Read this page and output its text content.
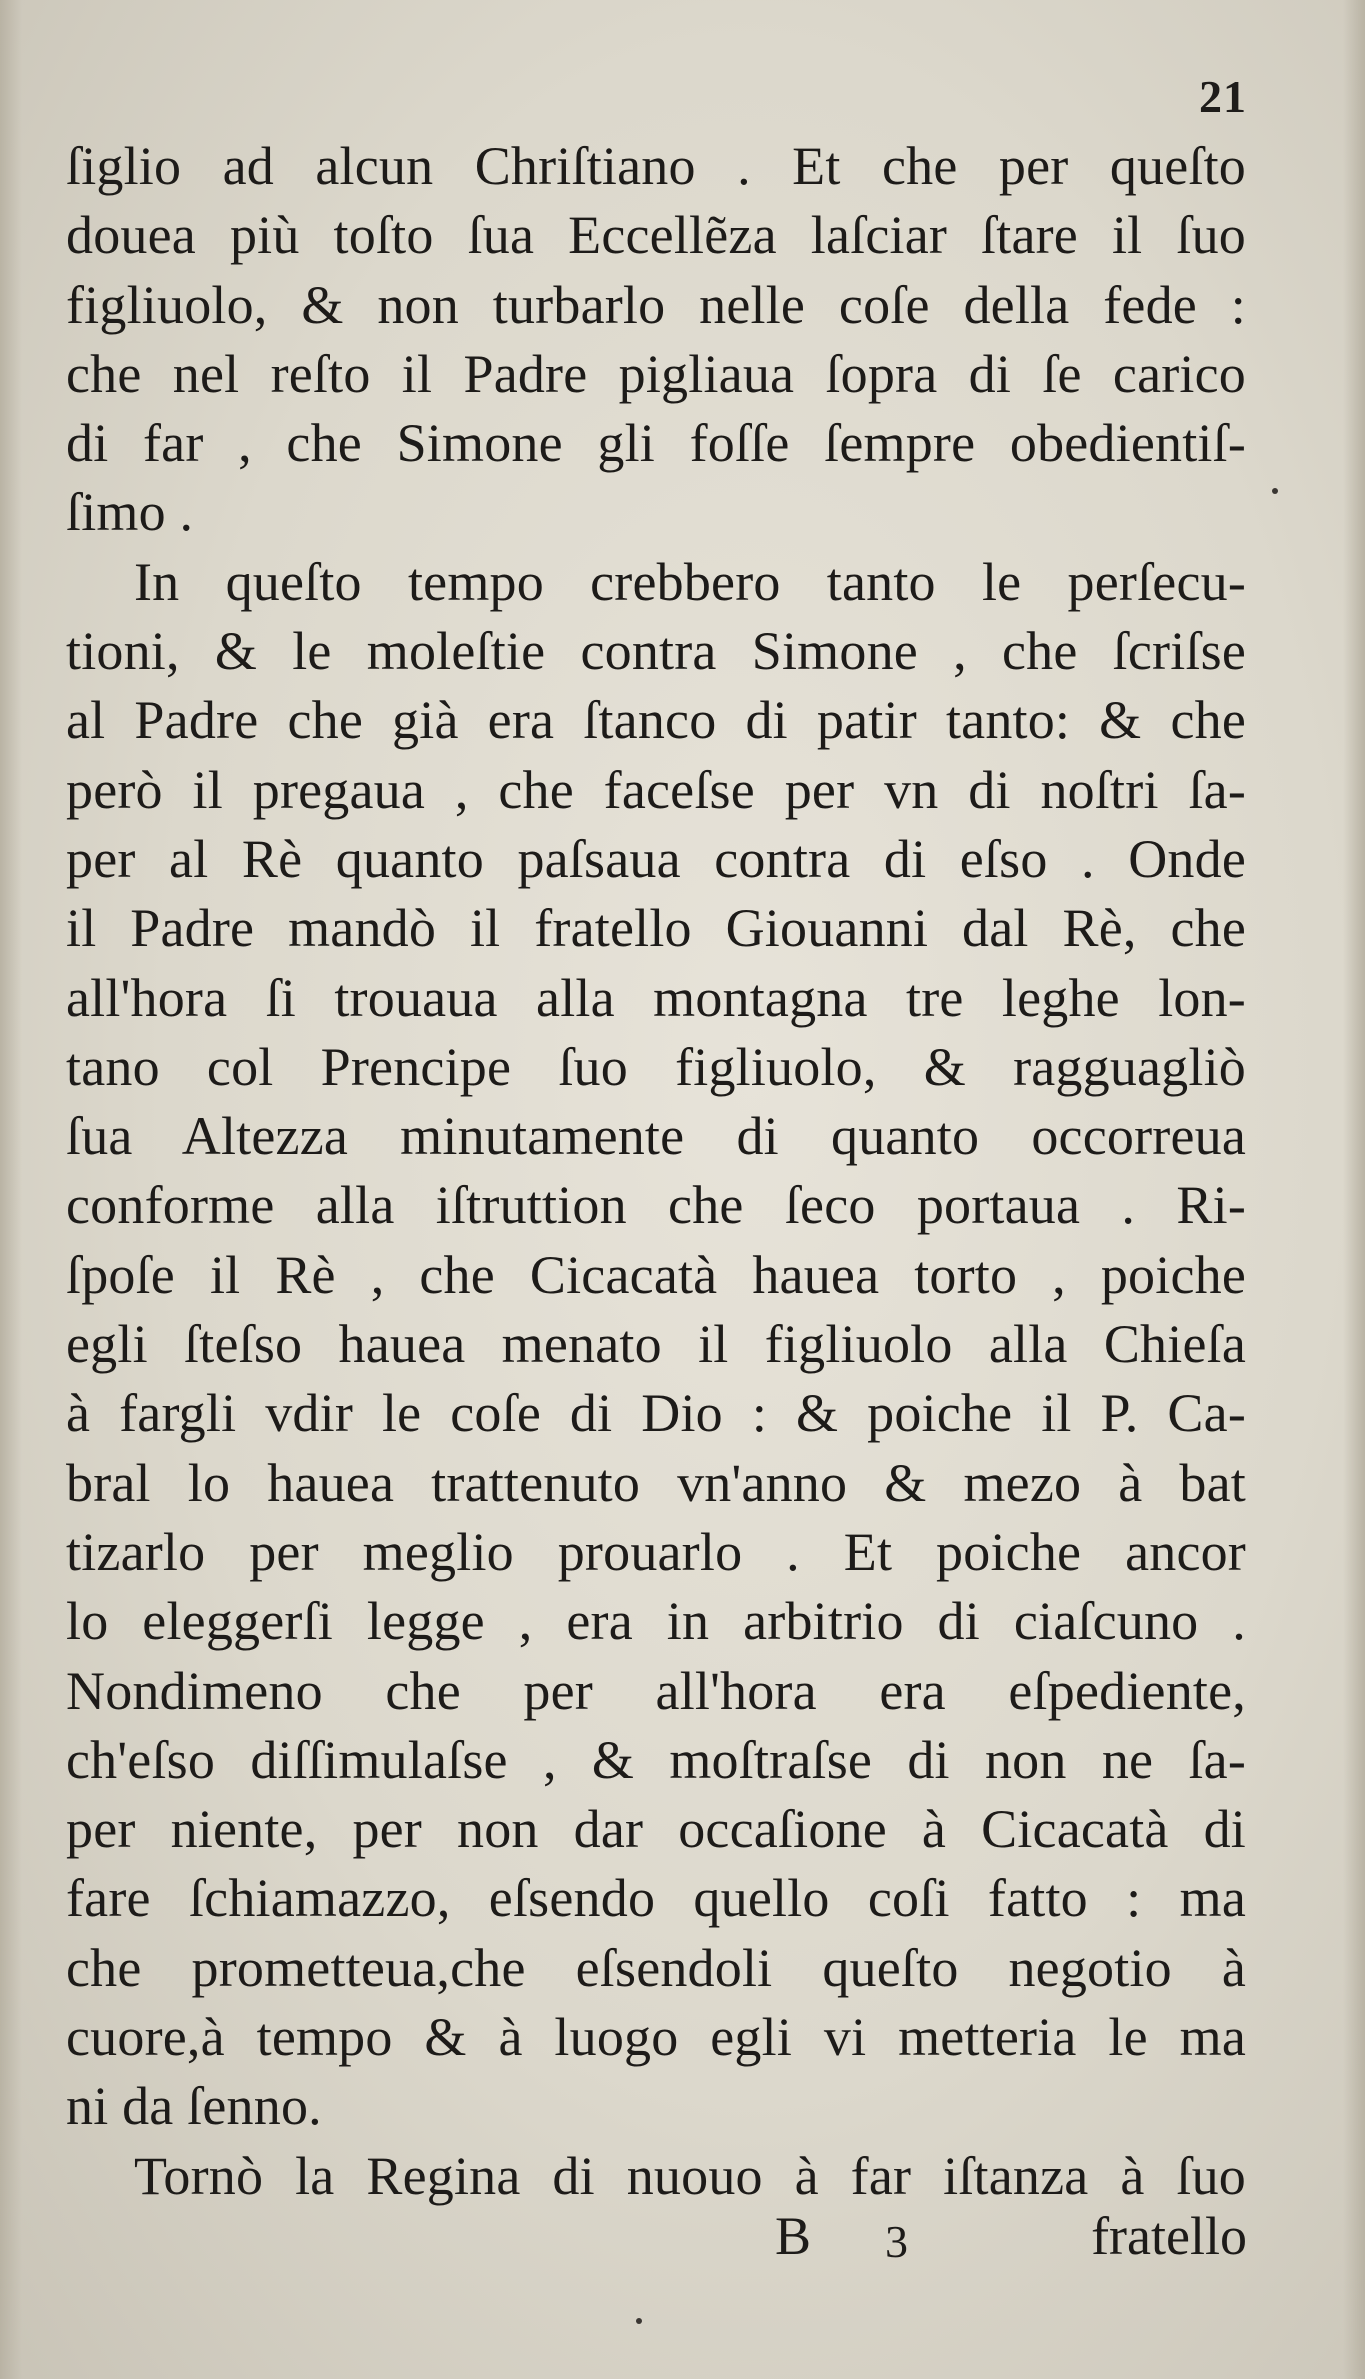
21
ſiglio ad alcun Chriſtiano . Et che per queſto
douea più toſto ſua Eccellẽza laſciar ſtare il ſuo
figliuolo, & non turbarlo nelle coſe della fede :
che nel reſto il Padre pigliaua ſopra di ſe carico
di far , che Simone gli foſſe ſempre obedientiſ-
ſimo .
In queſto tempo crebbero tanto le perſecu-
tioni, & le moleſtie contra Simone , che ſcriſse
al Padre che già era ſtanco di patir tanto: & che
però il pregaua , che faceſse per vn di noſtri ſa-
per al Rè quanto paſsaua contra di eſso . Onde
il Padre mandò il fratello Giouanni dal Rè, che
all'hora ſi trouaua alla montagna tre leghe lon-
tano col Prencipe ſuo figliuolo, & ragguagliò
ſua Altezza minutamente di quanto occorreua
conforme alla iſtruttion che ſeco portaua . Ri-
ſpoſe il Rè , che Cicacatà hauea torto , poiche
egli ſteſso hauea menato il figliuolo alla Chieſa
à fargli vdir le coſe di Dio : & poiche il P. Ca-
bral lo hauea trattenuto vn'anno & mezo à bat
tizarlo per meglio prouarlo . Et poiche ancor
lo eleggerſi legge , era in arbitrio di ciaſcuno .
Nondimeno che per all'hora era eſpediente,
ch'eſso diſſimulaſse , & moſtraſse di non ne ſa-
per niente, per non dar occaſione à Cicacatà di
fare ſchiamazzo, eſsendo quello coſi fatto : ma
che prometteua,che eſsendoli queſto negotio à
cuore,à tempo & à luogo egli vi metteria le ma
ni da ſenno.
Tornò la Regina di nuouo à far iſtanza à ſuo
B 3	fratello
